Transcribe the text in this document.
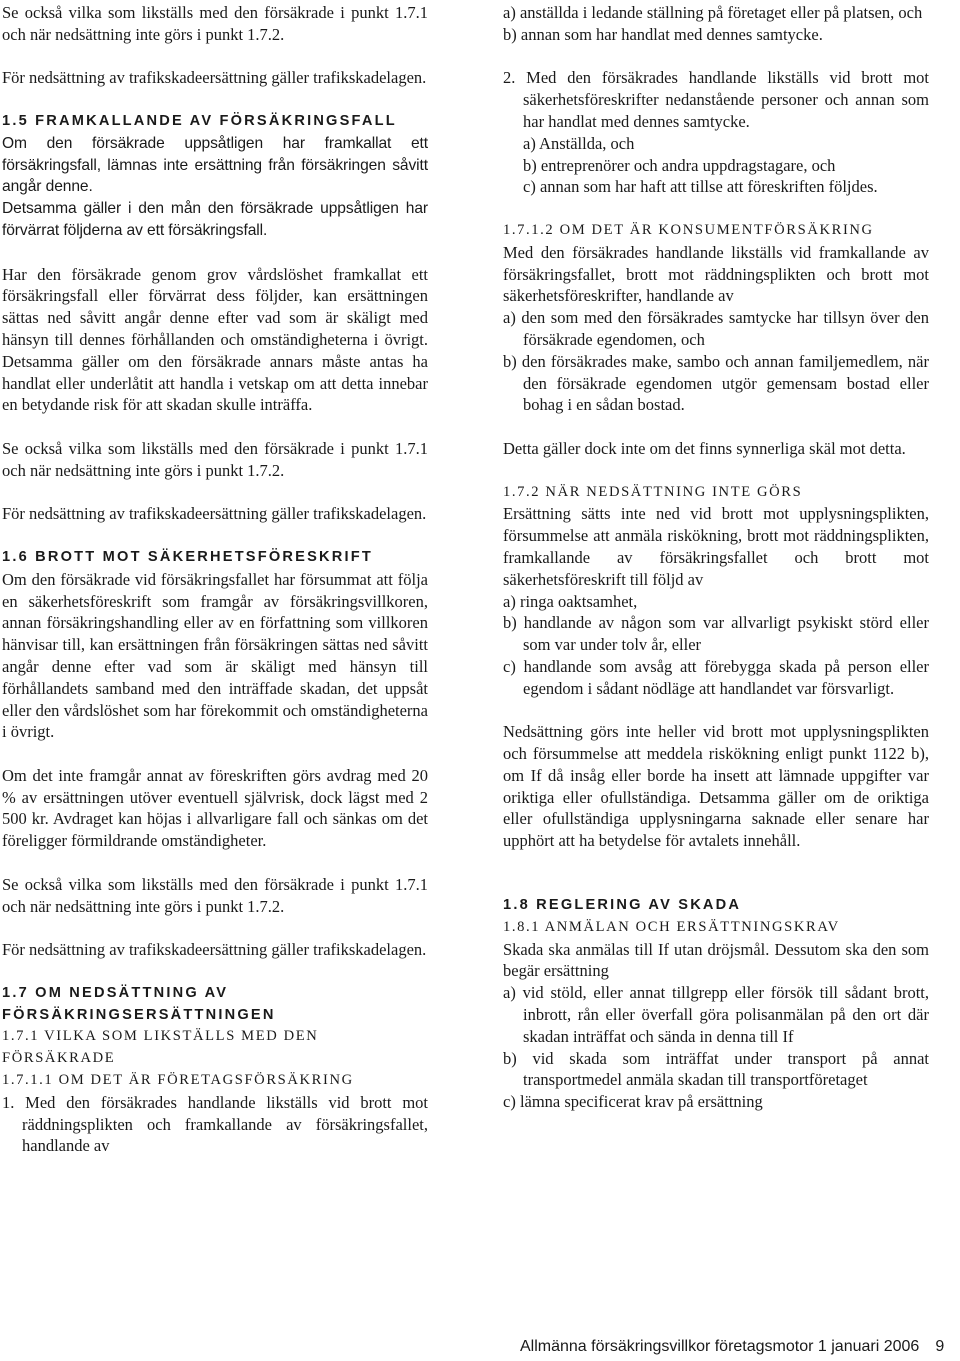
Se också vilka som likställs med den försäkrade i punkt 1.7.1 och när nedsättning inte görs i punkt 1.7.2.

För nedsättning av trafikskadeersättning gäller trafikskadelagen.

1.5 FRAMKALLANDE AV FÖRSÄKRINGSFALL

Om den försäkrade uppsåtligen har framkallat ett försäkringsfall, lämnas inte ersättning från försäkringen såvitt angår denne.

Detsamma gäller i den mån den försäkrade uppsåtligen har förvärrat följderna av ett försäkringsfall.

Har den försäkrade genom grov vårdslöshet framkallat ett försäkringsfall eller förvärrat dess följder, kan ersättningen sättas ned såvitt angår denne efter vad som är skäligt med hänsyn till dennes förhållanden och omständigheterna i övrigt. Detsamma gäller om den försäkrade annars måste antas ha handlat eller underlåtit att handla i vetskap om att detta innebar en betydande risk för att skadan skulle inträffa.

Se också vilka som likställs med den försäkrade i punkt 1.7.1 och när nedsättning inte görs i punkt 1.7.2.

För nedsättning av trafikskadeersättning gäller trafikskadelagen.

1.6 BROTT MOT SÄKERHETSFÖRESKRIFT

Om den försäkrade vid försäkringsfallet har försummat att följa en säkerhetsföreskrift som framgår av försäkringsvillkoren, annan försäkringshandling eller av en författning som villkoren hänvisar till, kan ersättningen från försäkringen sättas ned såvitt angår denne efter vad som är skäligt med hänsyn till förhållandets samband med den inträffade skadan, det uppsåt eller den vårdslöshet som har förekommit och omständigheterna i övrigt.

Om det inte framgår annat av föreskriften görs avdrag med 20 % av ersättningen utöver eventuell självrisk, dock lägst med 2 500 kr. Avdraget kan höjas i allvarligare fall och sänkas om det föreligger förmildrande omständigheter.

Se också vilka som likställs med den försäkrade i punkt 1.7.1 och när nedsättning inte görs i punkt 1.7.2.

För nedsättning av trafikskadeersättning gäller trafikskadelagen.

1.7 OM NEDSÄTTNING AV
FÖRSÄKRINGSERSÄTTNINGEN
1.7.1 VILKA SOM LIKSTÄLLS MED DEN FÖRSÄKRADE
1.7.1.1 OM DET ÄR FÖRETAGSFÖRSÄKRING

1. Med den försäkrades handlande likställs vid brott mot räddningsplikten och framkallande av försäkringsfallet, handlande av

a) anställda i ledande ställning på företaget eller på platsen, och

b) annan som har handlat med dennes samtycke.

2. Med den försäkrades handlande likställs vid brott mot säkerhetsföreskrifter nedanstående personer och annan som har handlat med dennes samtycke.

a) Anställda, och

b) entreprenörer och andra uppdragstagare, och

c) annan som har haft att tillse att föreskriften följdes.

1.7.1.2 OM DET ÄR KONSUMENTFÖRSÄKRING

Med den försäkrades handlande likställs vid framkallande av försäkringsfallet, brott mot räddningsplikten och brott mot säkerhetsföreskrifter, handlande av

a) den som med den försäkrades samtycke har tillsyn över den försäkrade egendomen, och

b) den försäkrades make, sambo och annan familjemedlem, när den försäkrade egendomen utgör gemensam bostad eller bohag i en sådan bostad.

Detta gäller dock inte om det finns synnerliga skäl mot detta.

1.7.2 NÄR NEDSÄTTNING INTE GÖRS

Ersättning sätts inte ned vid brott mot upplysningsplikten, försummelse att anmäla riskökning, brott mot räddningsplikten, framkallande av försäkringsfallet och brott mot säkerhetsföreskrift till följd av

a) ringa oaktsamhet,

b) handlande av någon som var allvarligt psykiskt störd eller som var under tolv år, eller

c) handlande som avsåg att förebygga skada på person eller egendom i sådant nödläge att handlandet var försvarligt.

Nedsättning görs inte heller vid brott mot upplysningsplikten och försummelse att meddela riskökning enligt punkt 1122 b), om If då insåg eller borde ha insett att lämnade uppgifter var oriktiga eller ofullständiga. Detsamma gäller om de oriktiga eller ofullständiga upplysningarna saknade eller senare har upphört att ha betydelse för avtalets innehåll.

1.8 REGLERING AV SKADA
1.8.1 ANMÄLAN OCH ERSÄTTNINGSKRAV

Skada ska anmälas till If utan dröjsmål. Dessutom ska den som begär ersättning

a) vid stöld, eller annat tillgrepp eller försök till sådant brott, inbrott, rån eller överfall göra polisanmälan på den ort där skadan inträffat och sända in denna till If

b) vid skada som inträffat under transport på annat transportmedel anmäla skadan till transportföretaget

c) lämna specificerat krav på ersättning

Allmänna försäkringsvillkor företagsmotor 1 januari 2006 9
